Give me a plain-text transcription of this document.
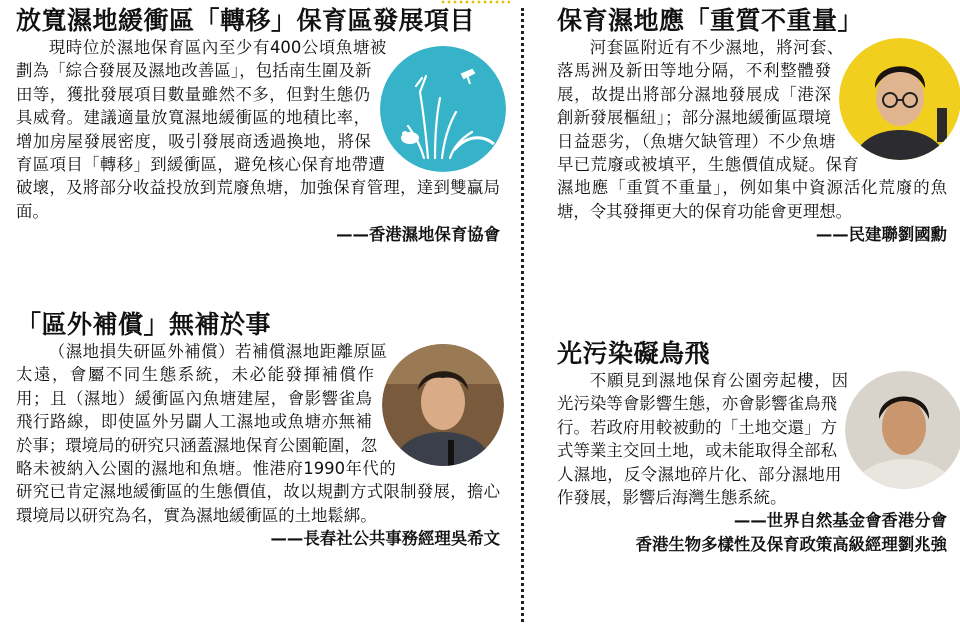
放寬濕地緩衝區「轉移」保育區發展項目

現時位於濕地保育區內至少有400公頃魚塘被劃為「綜合發展及濕地改善區」，包括南生圍及新田等，獲批發展項目數量雖然不多，但對生態仍具威脅。建議適量放寬濕地緩衝區的地積比率，增加房屋發展密度，吸引發展商透過換地，將保育區項目「轉移」到緩衝區，避免核心保育地帶遭破壞，及將部分收益投放到荒廢魚塘，加強保育管理，達到雙贏局面。

——香港濕地保育協會

「區外補償」無補於事

（濕地損失研區外補償）若補償濕地距離原區太遠，會屬不同生態系統，未必能發揮補償作用；且（濕地）緩衝區內魚塘建屋，會影響雀鳥飛行路線，即使區外另闢人工濕地或魚塘亦無補於事；環境局的研究只涵蓋濕地保育公園範圍，忽略未被納入公園的濕地和魚塘。惟港府1990年代的研究已肯定濕地緩衝區的生態價值，故以規劃方式限制發展，擔心環境局以研究為名，實為濕地緩衝區的土地鬆綁。

——長春社公共事務經理吳希文

保育濕地應「重質不重量」

河套區附近有不少濕地，將河套、落馬洲及新田等地分隔，不利整體發展，故提出將部分濕地發展成「港深創新發展樞紐」；部分濕地緩衝區環境日益惡劣，（魚塘欠缺管理）不少魚塘早已荒廢或被填平，生態價值成疑。保育濕地應「重質不重量」，例如集中資源活化荒廢的魚塘，令其發揮更大的保育功能會更理想。

——民建聯劉國勳

光污染礙鳥飛

不願見到濕地保育公園旁起樓，因光污染等會影響生態，亦會影響雀鳥飛行。若政府用較被動的「土地交還」方式等業主交回土地，或未能取得全部私人濕地，反令濕地碎片化、部分濕地用作發展，影響后海灣生態系統。

——世界自然基金會香港分會

香港生物多樣性及保育政策高級經理劉兆強
